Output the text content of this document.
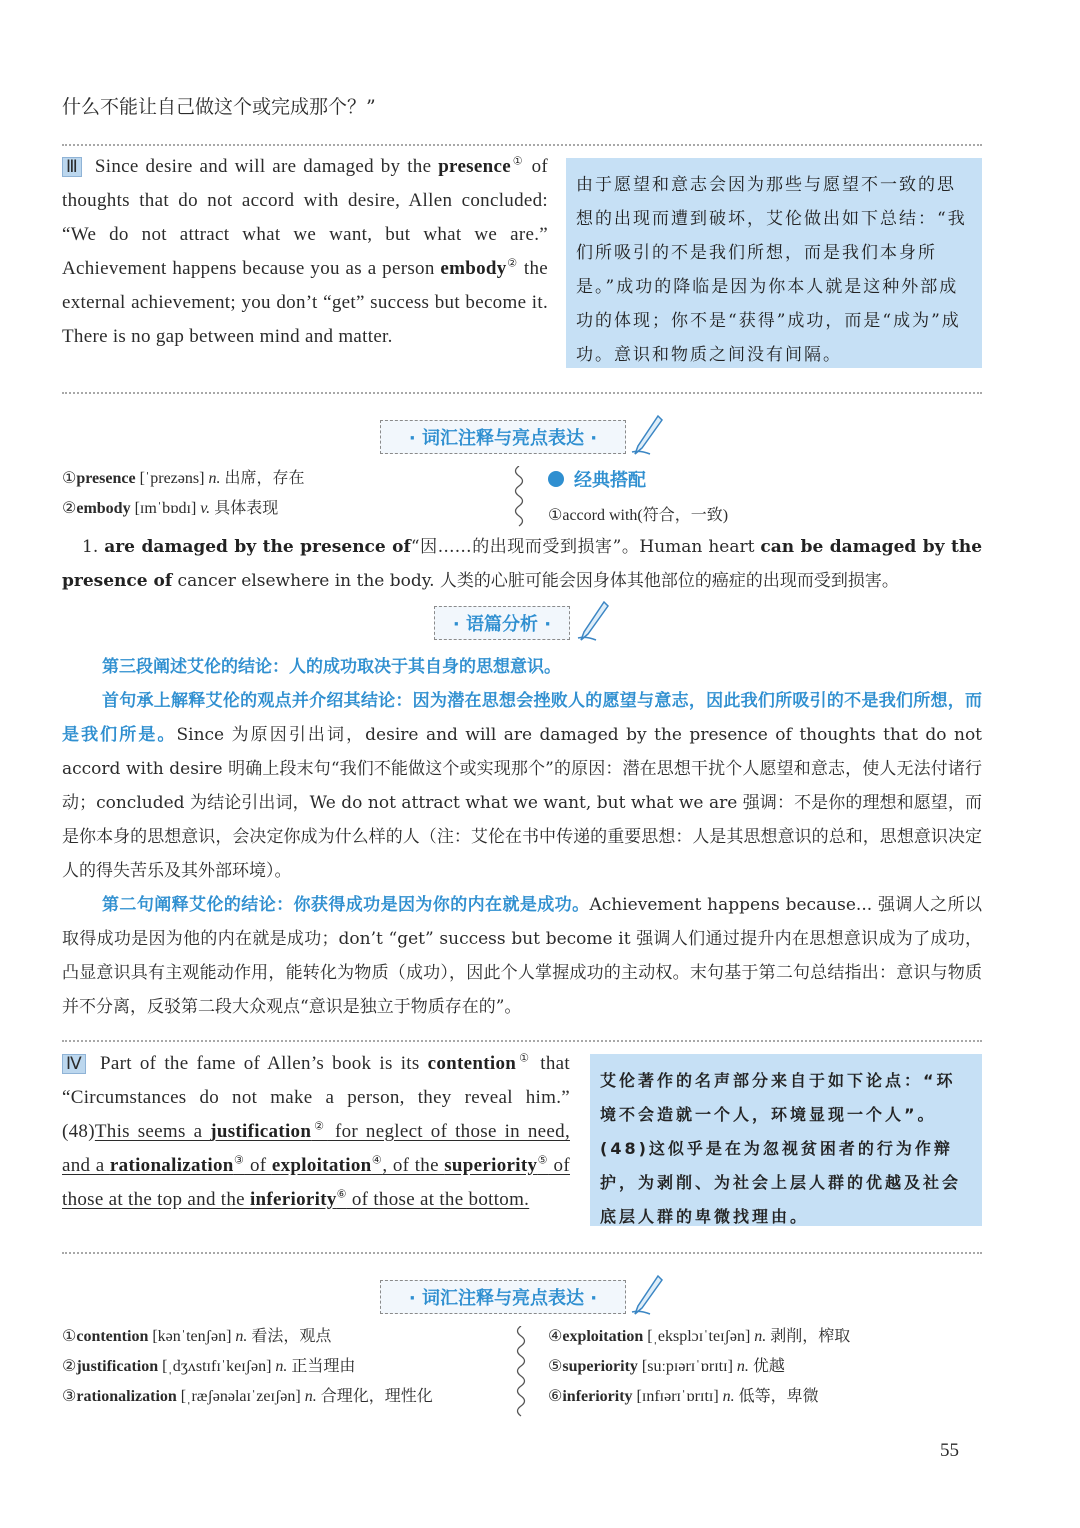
什么不能让自己做这个或完成那个？”

Ⅲ Since desire and will are damaged by the presence① of thoughts that do not accord with desire, Allen concluded: “We do not attract what we want, but what we are.” Achievement happens because you as a person embody② the external achievement; you don’t “get” success but become it. There is no gap between mind and matter.

由于愿望和意志会因为那些与愿望不一致的思想的出现而遭到破坏，艾伦做出如下总结：“我们所吸引的不是我们所想，而是我们本身所是。”成功的降临是因为你本人就是这种外部成功的体现；你不是“获得”成功，而是“成为”成功。意识和物质之间没有间隔。
· 词汇注释与亮点表达 ·
①presence [ˈprezəns] n. 出席，存在
②embody [ɪmˈbɒdɪ] v. 具体表现
经典搭配
①accord with(符合，一致)

1. are damaged by the presence of“因……的出现而受到损害”。Human heart can be damaged by the presence of cancer elsewhere in the body. 人类的心脏可能会因身体其他部位的癌症的出现而受到损害。

· 语篇分析 ·

第三段阐述艾伦的结论：人的成功取决于其自身的思想意识。

首句承上解释艾伦的观点并介绍其结论：因为潜在思想会挫败人的愿望与意志，因此我们所吸引的不是我们所想，而是我们所是。Since 为原因引出词，desire and will are damaged by the presence of thoughts that do not accord with desire 明确上段末句“我们不能做这个或实现那个”的原因：潜在思想干扰个人愿望和意志，使人无法付诸行动；concluded 为结论引出词，We do not attract what we want, but what we are 强调：不是你的理想和愿望，而是你本身的思想意识，会决定你成为什么样的人（注：艾伦在书中传递的重要思想：人是其思想意识的总和，思想意识决定人的得失苦乐及其外部环境）。

第二句阐释艾伦的结论：你获得成功是因为你的内在就是成功。Achievement happens because... 强调人之所以取得成功是因为他的内在就是成功；don’t “get” success but become it 强调人们通过提升内在思想意识成为了成功，凸显意识具有主观能动作用，能转化为物质（成功），因此个人掌握成功的主动权。末句基于第二句总结指出：意识与物质并不分离，反驳第二段大众观点“意识是独立于物质存在的”。

Ⅳ Part of the fame of Allen’s book is its contention① that “Circumstances do not make a person, they reveal him.” (48)This seems a justification② for neglect of those in need, and a rationalization③ of exploitation④, of the superiority⑤ of those at the top and the inferiority⑥ of those at the bottom.

艾伦著作的名声部分来自于如下论点：“环境不会造就一个人，环境显现一个人”。(48)这似乎是在为忽视贫困者的行为作辩护，为剥削、为社会上层人群的优越及社会底层人群的卑微找理由。
· 词汇注释与亮点表达 ·
①contention [kənˈtenʃən] n. 看法，观点
②justification [ˌdʒʌstɪfɪˈkeɪʃən] n. 正当理由
③rationalization [ˌræʃənəlaɪˈzeɪʃən] n. 合理化，理性化
④exploitation [ˌeksplɔɪˈteɪʃən] n. 剥削，榨取
⑤superiority [suːpɪərɪˈɒrɪtɪ] n. 优越
⑥inferiority [ɪnfɪərɪˈɒrɪtɪ] n. 低等，卑微
55
